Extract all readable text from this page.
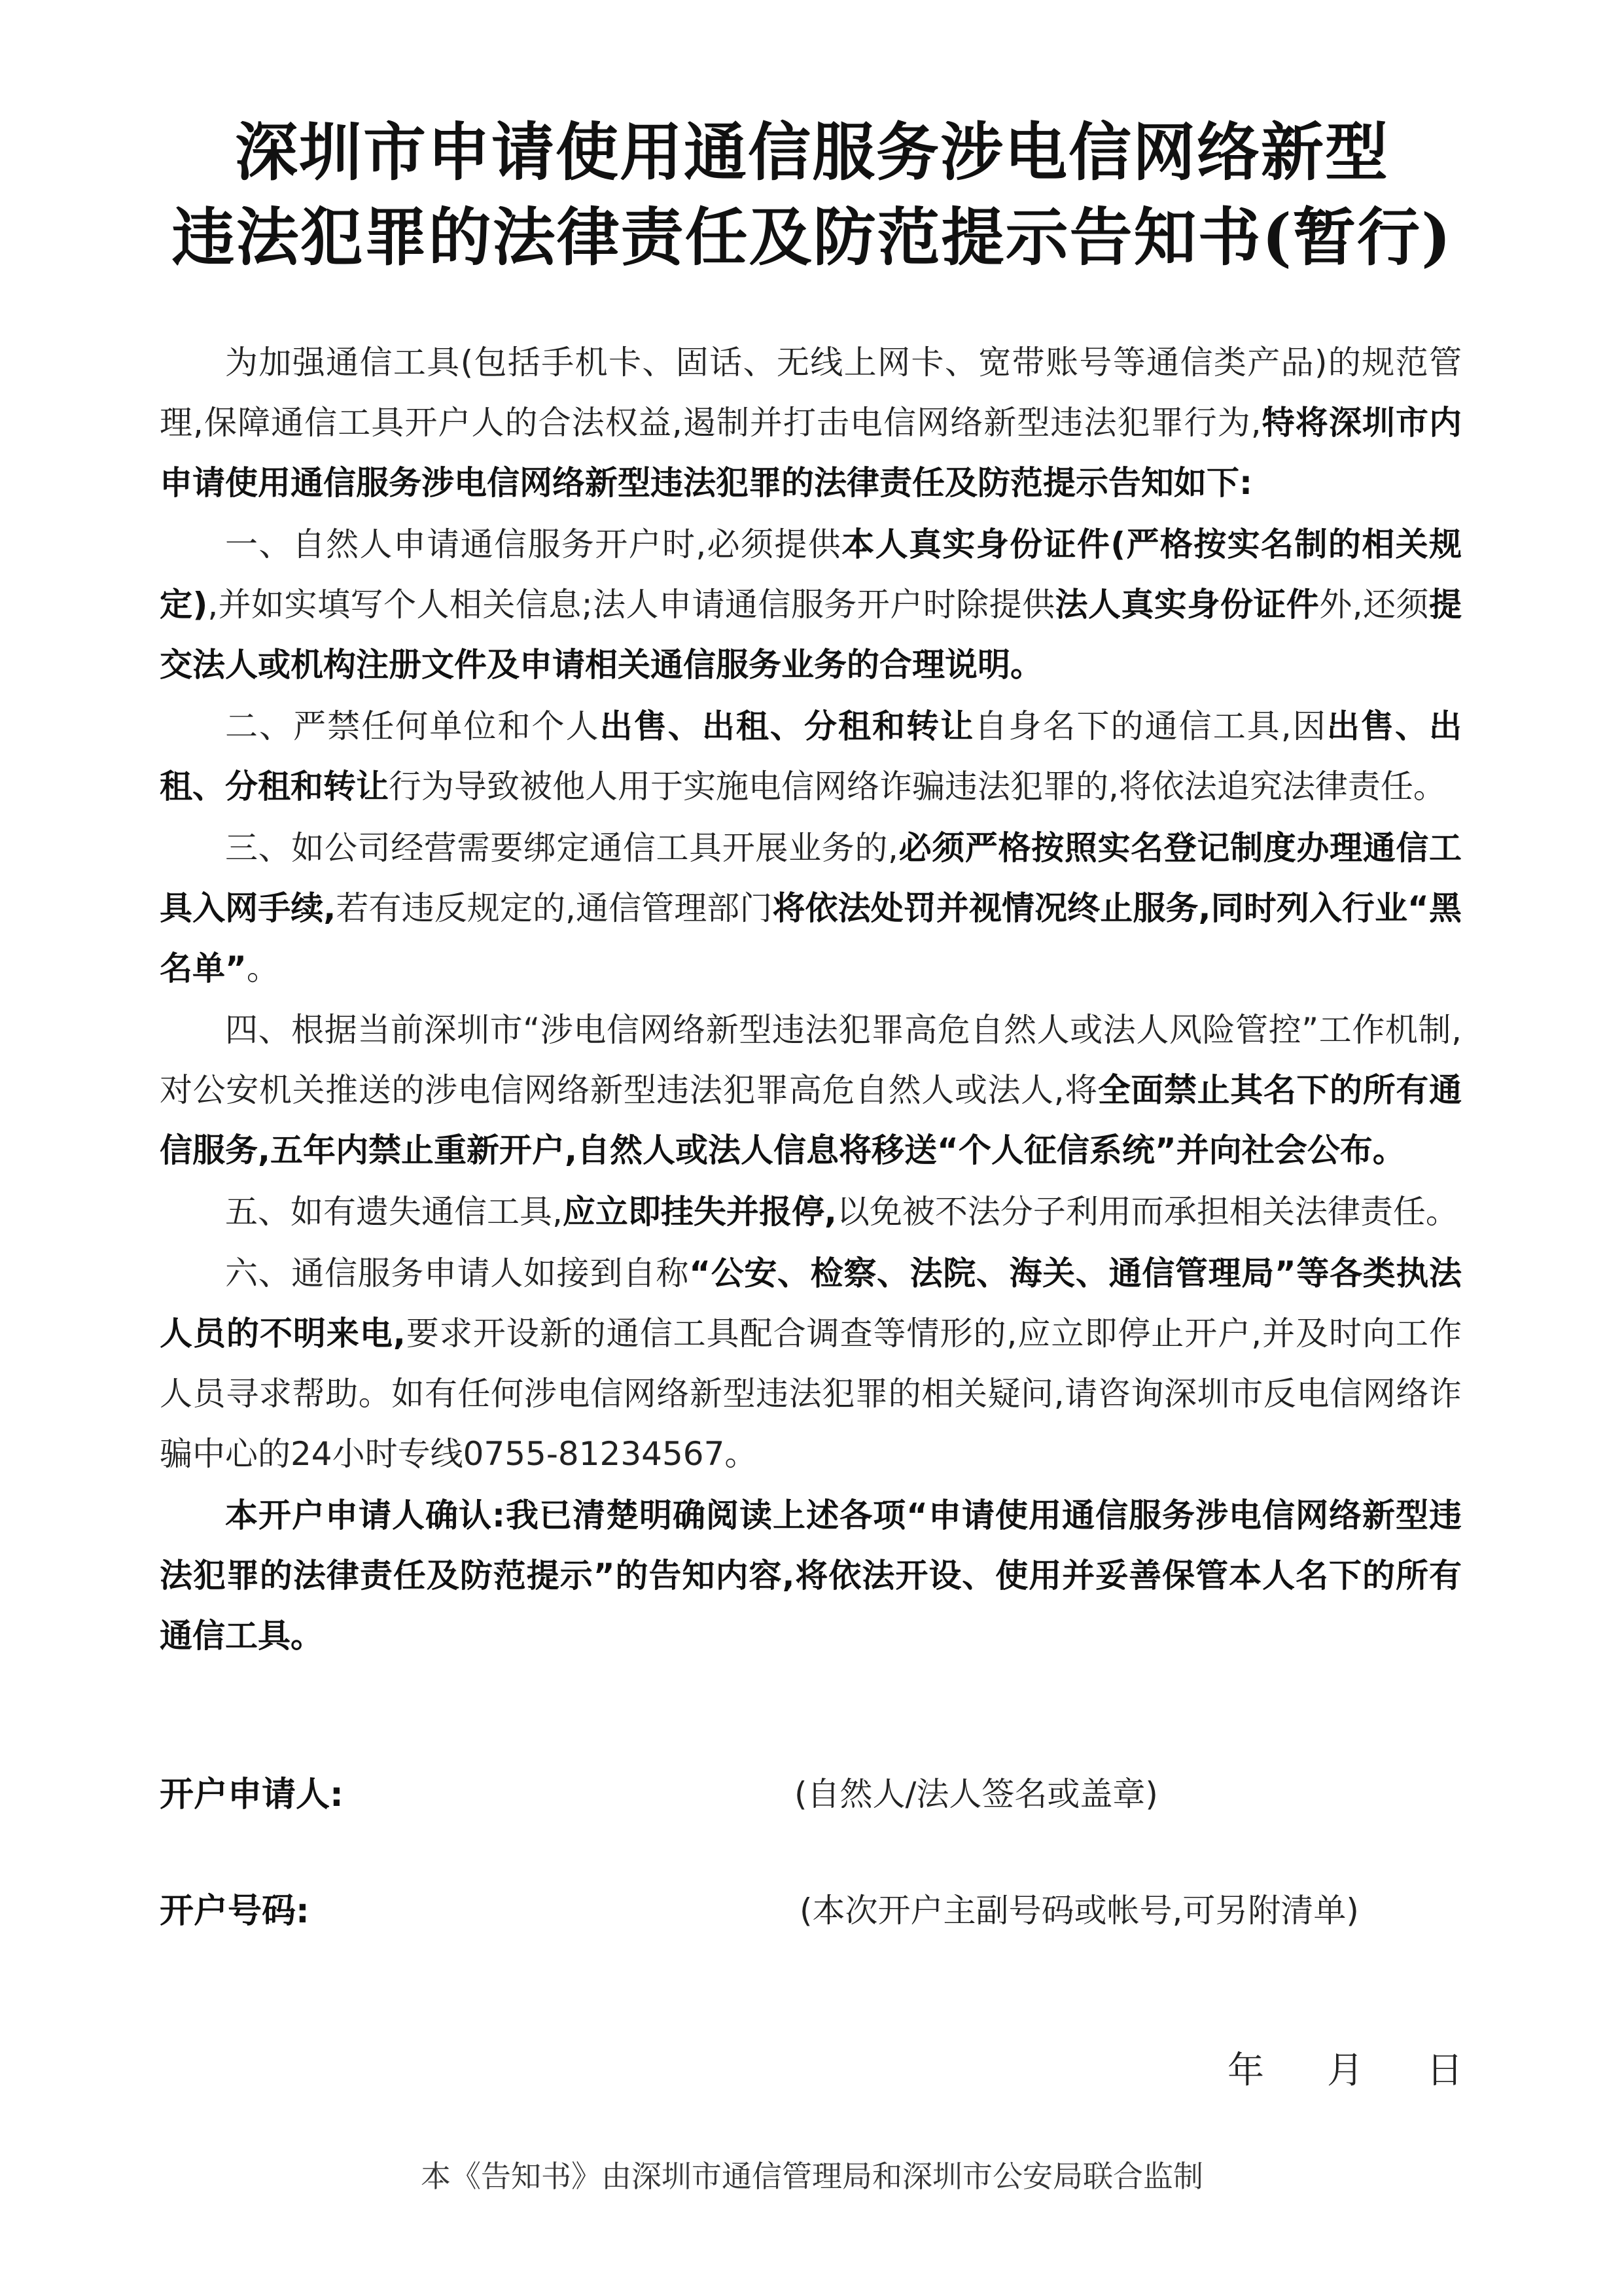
深圳市申请使用通信服务涉电信网络新型
违法犯罪的法律责任及防范提示告知书(暂行)

为加强通信工具(包括手机卡、固话、无线上网卡、宽带账号等通信类产品)的规范管理,保障通信工具开户人的合法权益,遏制并打击电信网络新型违法犯罪行为,特将深圳市内申请使用通信服务涉电信网络新型违法犯罪的法律责任及防范提示告知如下:

一、自然人申请通信服务开户时,必须提供本人真实身份证件(严格按实名制的相关规定),并如实填写个人相关信息;法人申请通信服务开户时除提供法人真实身份证件外,还须提交法人或机构注册文件及申请相关通信服务业务的合理说明。

二、严禁任何单位和个人出售、出租、分租和转让自身名下的通信工具,因出售、出租、分租和转让行为导致被他人用于实施电信网络诈骗违法犯罪的,将依法追究法律责任。

三、如公司经营需要绑定通信工具开展业务的,必须严格按照实名登记制度办理通信工具入网手续,若有违反规定的,通信管理部门将依法处罚并视情况终止服务,同时列入行业“黑名单”。

四、根据当前深圳市“涉电信网络新型违法犯罪高危自然人或法人风险管控”工作机制,对公安机关推送的涉电信网络新型违法犯罪高危自然人或法人,将全面禁止其名下的所有通信服务,五年内禁止重新开户,自然人或法人信息将移送“个人征信系统”并向社会公布。

五、如有遗失通信工具,应立即挂失并报停,以免被不法分子利用而承担相关法律责任。

六、通信服务申请人如接到自称“公安、检察、法院、海关、通信管理局”等各类执法人员的不明来电,要求开设新的通信工具配合调查等情形的,应立即停止开户,并及时向工作人员寻求帮助。如有任何涉电信网络新型违法犯罪的相关疑问,请咨询深圳市反电信网络诈骗中心的24小时专线0755-81234567。

本开户申请人确认:我已清楚明确阅读上述各项“申请使用通信服务涉电信网络新型违法犯罪的法律责任及防范提示”的告知内容,将依法开设、使用并妥善保管本人名下的所有通信工具。

开户申请人:	(自然人/法人签名或盖章)
开户号码:	(本次开户主副号码或帐号,可另附清单)
年 月 日
本《告知书》由深圳市通信管理局和深圳市公安局联合监制
